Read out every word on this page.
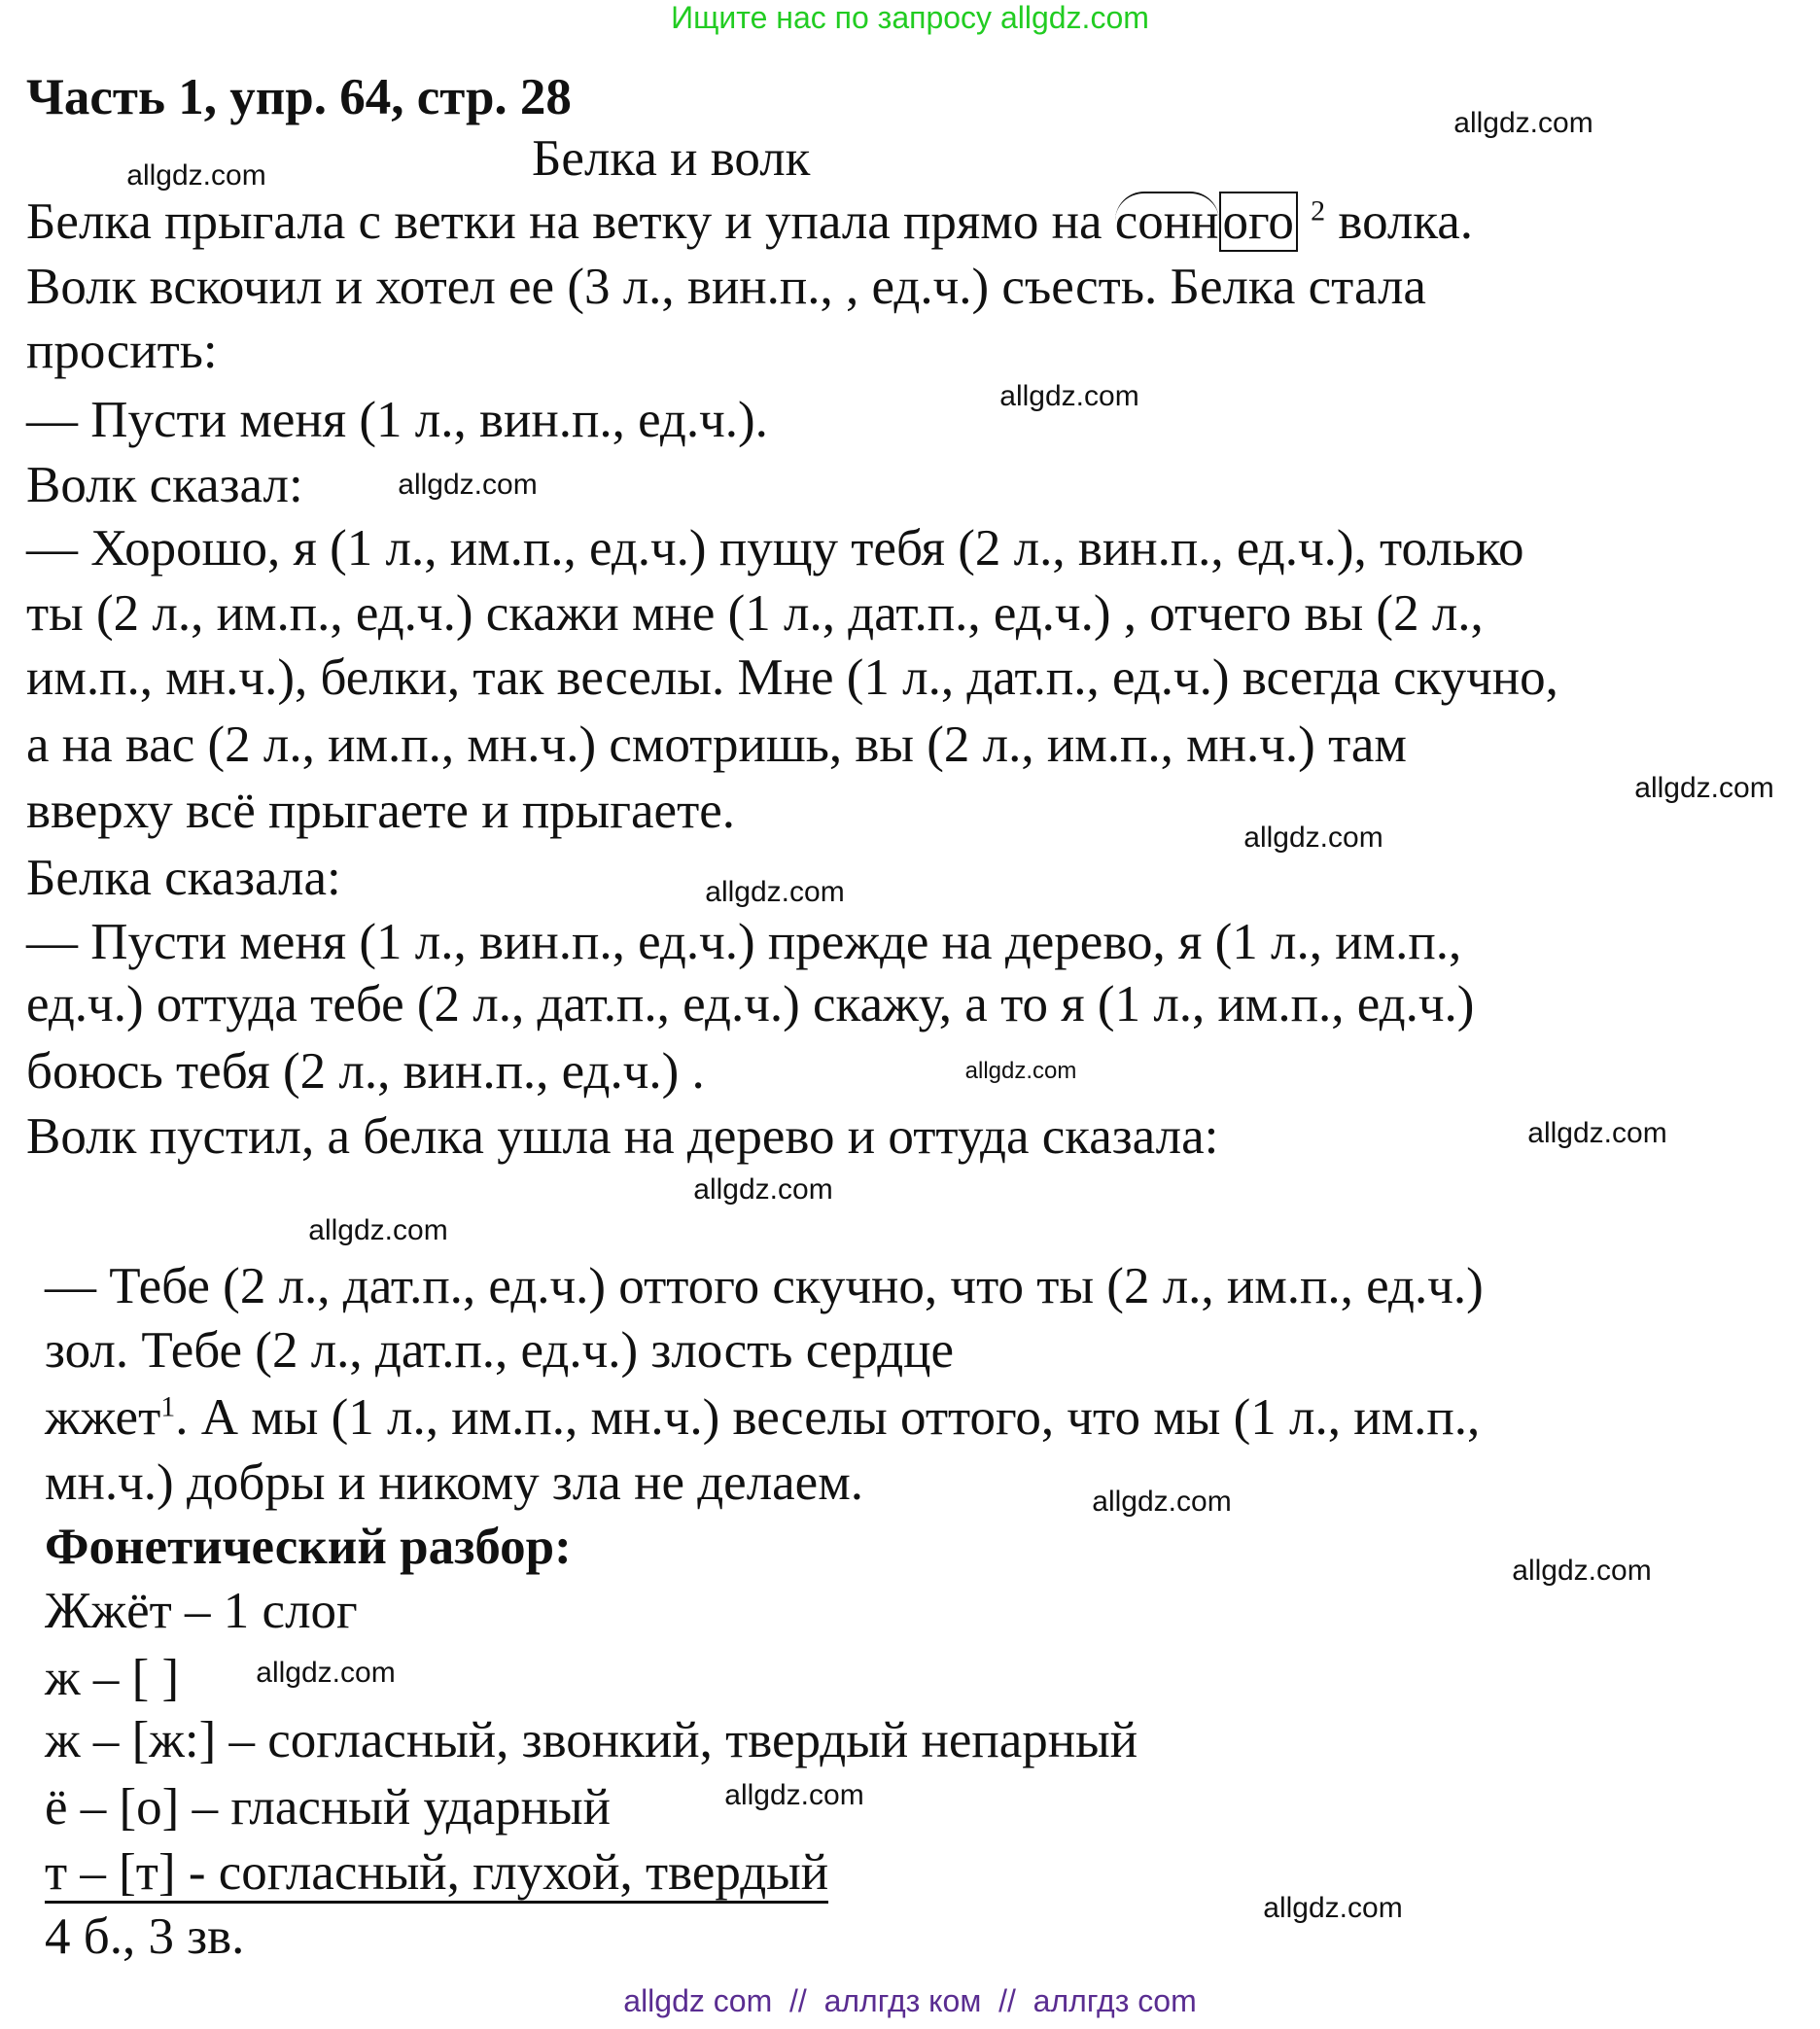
Ищите нас по запросу allgdz.com
Часть 1, упр. 64, стр. 28
Белка и волк
Белка прыгала с ветки на ветку и упала прямо на сонного $^2$ волка.
Волк вскочил и хотел ее (3 л., вин.п., , ед.ч.) съесть. Белка стала
просить:
— Пусти меня (1 л., вин.п., ед.ч.).
Волк сказал:
— Хорошо, я (1 л., им.п., ед.ч.) пущу тебя (2 л., вин.п., ед.ч.), только
ты (2 л., им.п., ед.ч.) скажи мне (1 л., дат.п., ед.ч.) , отчего вы (2 л.,
им.п., мн.ч.), белки, так веселы. Мне (1 л., дат.п., ед.ч.) всегда скучно,
а на вас (2 л., им.п., мн.ч.) смотришь, вы (2 л., им.п., мн.ч.) там
вверху всё прыгаете и прыгаете.
Белка сказала:
— Пусти меня (1 л., вин.п., ед.ч.) прежде на дерево, я (1 л., им.п.,
ед.ч.) оттуда тебе (2 л., дат.п., ед.ч.) скажу, а то я (1 л., им.п., ед.ч.)
боюсь тебя (2 л., вин.п., ед.ч.) .
Волк пустил, а белка ушла на дерево и оттуда сказала:
— Тебе (2 л., дат.п., ед.ч.) оттого скучно, что ты (2 л., им.п., ед.ч.)
зол. Тебе (2 л., дат.п., ед.ч.) злость сердце
жжет$^1$. А мы (1 л., им.п., мн.ч.) веселы оттого, что мы (1 л., им.п.,
мн.ч.) добры и никому зла не делаем.
Фонетический разбор:
Жжёт – 1 слог
ж – [ ]
ж – [ж:] – согласный, звонкий, твердый непарный
ё – [о] – гласный ударный
т – [т] - согласный, глухой, твердый
4 б., 3 зв.
allgdz.com
allgdz.com
allgdz.com
allgdz.com
allgdz.com
allgdz.com
allgdz.com
allgdz.com
allgdz.com
allgdz.com
allgdz.com
allgdz.com
allgdz.com
allgdz.com
allgdz.com
allgdz.com
allgdz com  //  аллгдз ком  //  аллгдз com
